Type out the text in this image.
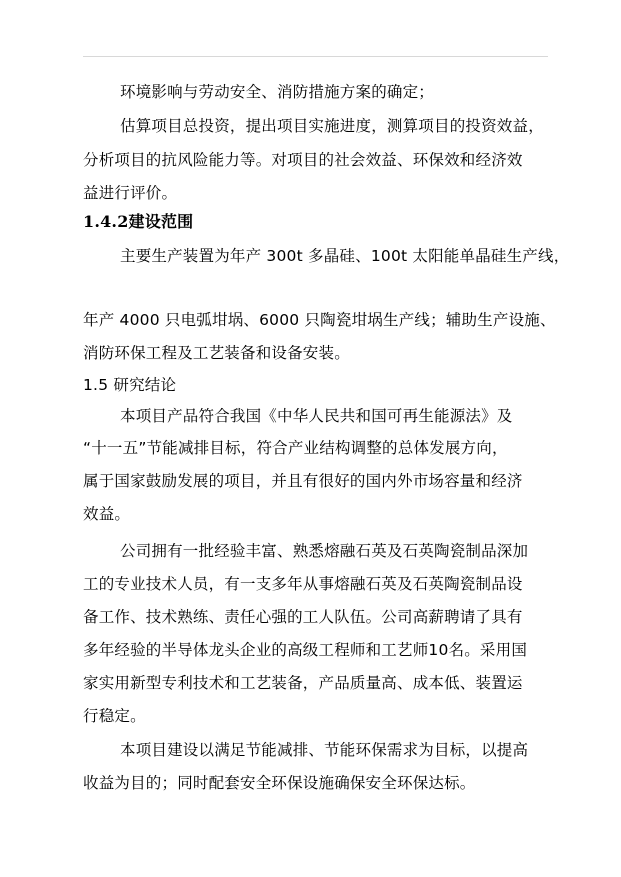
环境影响与劳动安全、消防措施方案的确定；
估算项目总投资，提出项目实施进度，测算项目的投资效益，
分析项目的抗风险能力等。对项目的社会效益、环保效和经济效
益进行评价。
1.4.2建设范围
主要生产装置为年产 300t 多晶硅、100t 太阳能单晶硅生产线，
年产 4000 只电弧坩埚、6000 只陶瓷坩埚生产线；辅助生产设施、
消防环保工程及工艺装备和设备安装。
1.5 研究结论
本项目产品符合我国《中华人民共和国可再生能源法》及
“十一五”节能减排目标，符合产业结构调整的总体发展方向，
属于国家鼓励发展的项目，并且有很好的国内外市场容量和经济
效益。
公司拥有一批经验丰富、熟悉熔融石英及石英陶瓷制品深加
工的专业技术人员，有一支多年从事熔融石英及石英陶瓷制品设
备工作、技术熟练、责任心强的工人队伍。公司高薪聘请了具有
多年经验的半导体龙头企业的高级工程师和工艺师10名。采用国
家实用新型专利技术和工艺装备，产品质量高、成本低、装置运
行稳定。
本项目建设以满足节能减排、节能环保需求为目标，以提高
收益为目的；同时配套安全环保设施确保安全环保达标。
